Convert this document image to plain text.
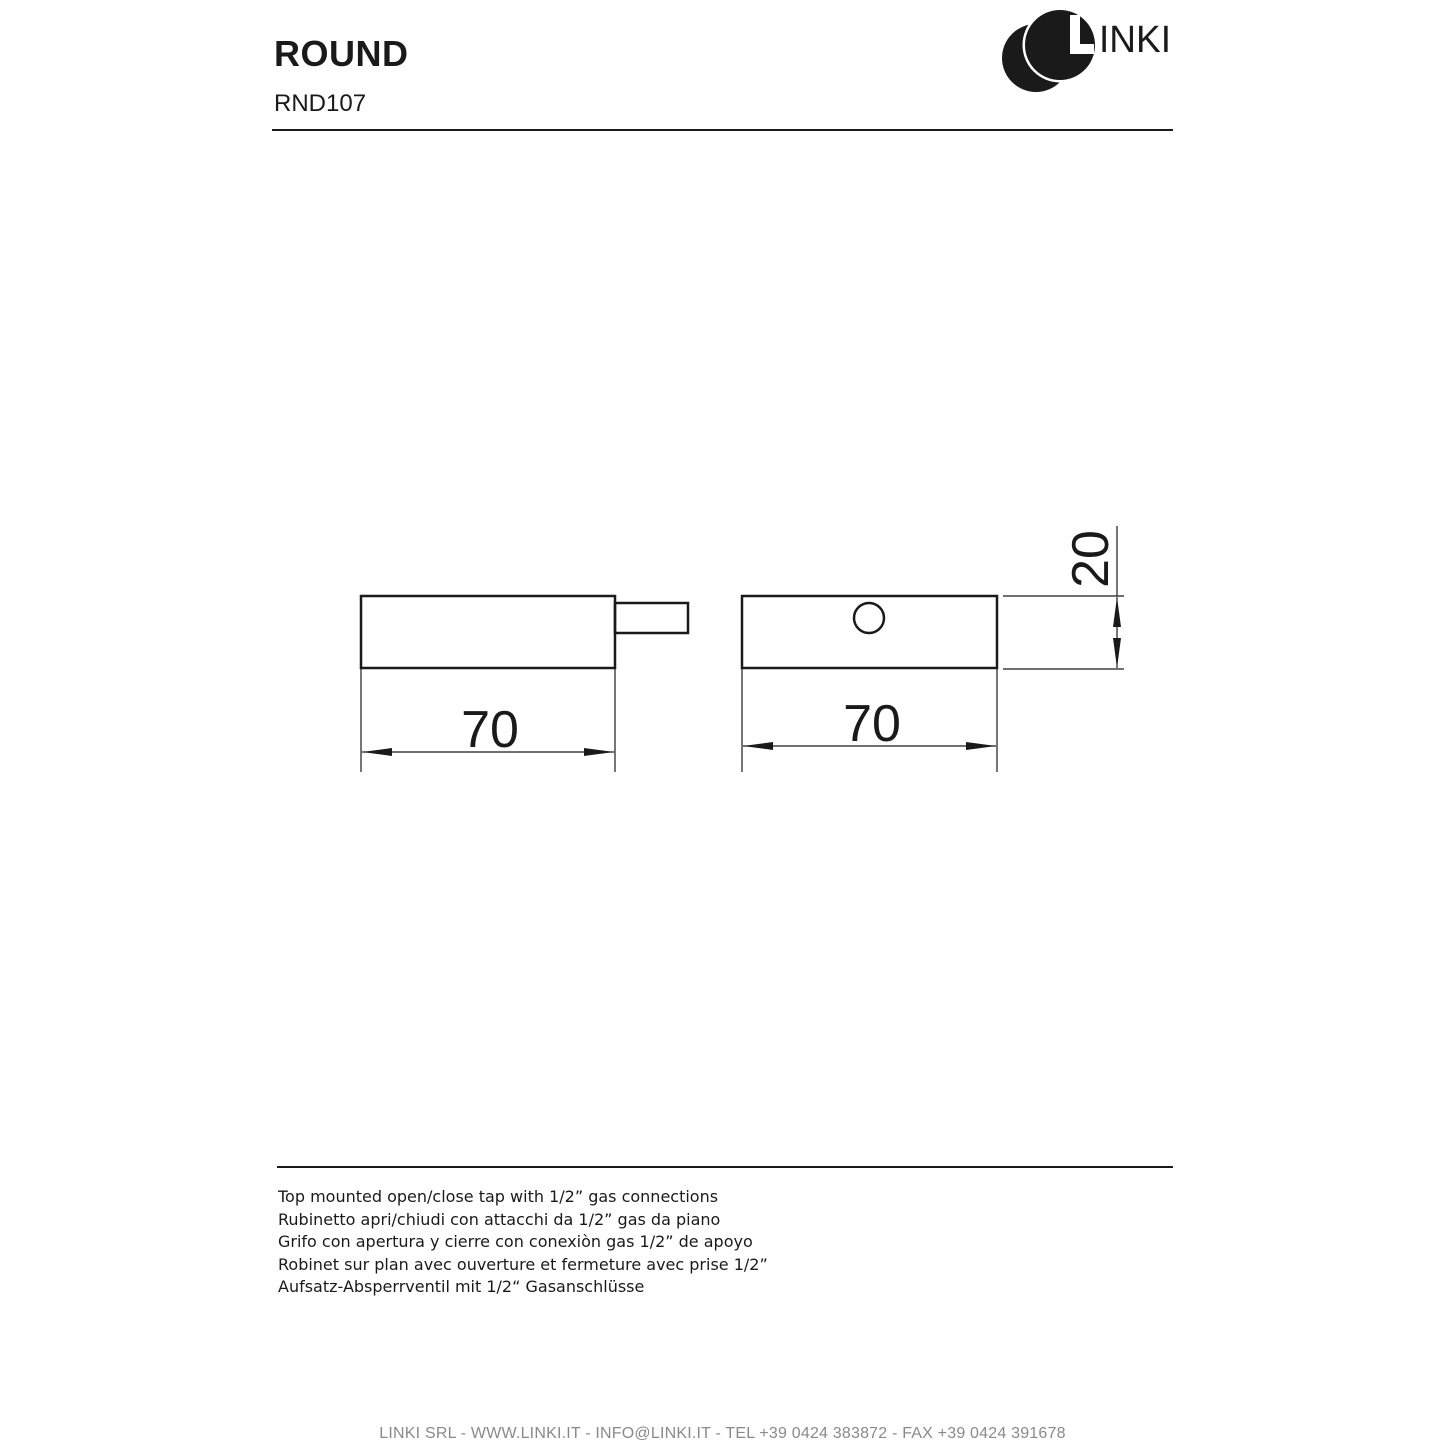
ROUND
RND107
INKI
70	70
20
Top mounted open/close tap with 1/2” gas connections
Rubinetto apri/chiudi con attacchi da 1/2” gas da piano
Grifo con apertura y cierre con conexiòn gas 1/2” de apoyo
Robinet sur plan avec ouverture et fermeture avec prise 1/2”
Aufsatz-Absperrventil mit 1/2“ Gasanschlüsse
LINKI SRL - WWW.LINKI.IT - INFO@LINKI.IT - TEL +39 0424 383872 - FAX +39 0424 391678
